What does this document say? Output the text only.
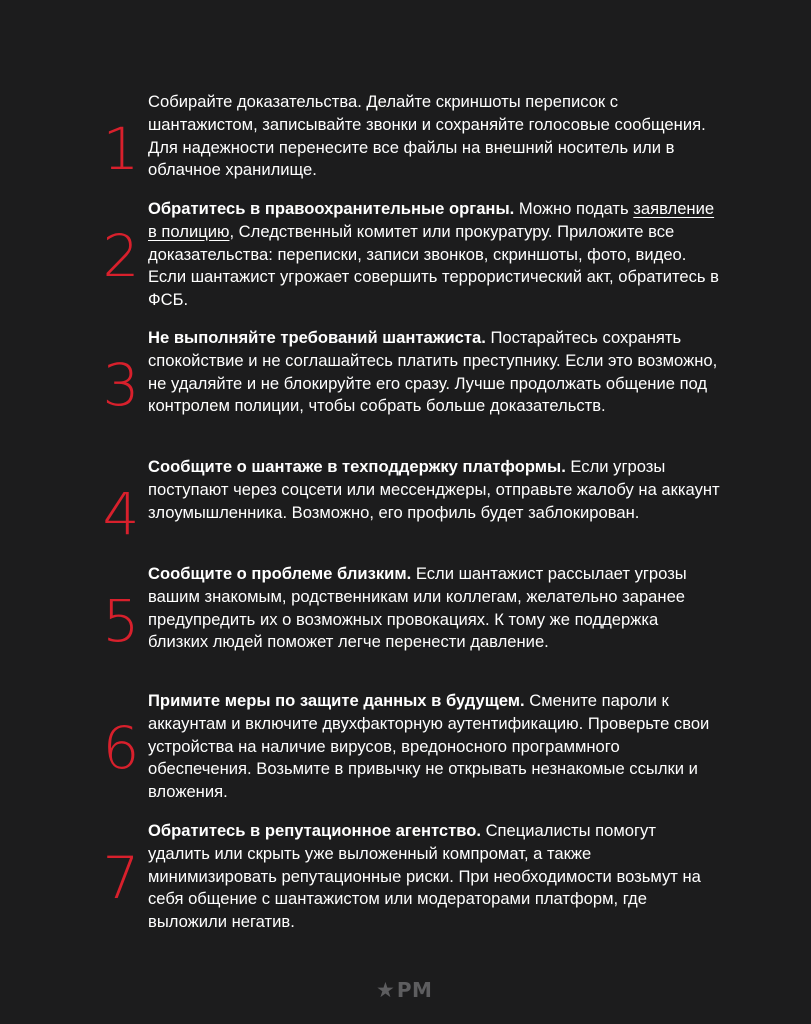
1
Собирайте доказательства. Делайте скриншоты переписок с шантажистом, записывайте звонки и сохраняйте голосовые сообщения. Для надежности перенесите все файлы на внешний носитель или в облачное хранилище.
2
Обратитесь в правоохранительные органы. Можно подать заявление в полицию, Следственный комитет или прокуратуру. Приложите все доказательства: переписки, записи звонков, скриншоты, фото, видео. Если шантажист угрожает совершить террористический акт, обратитесь в ФСБ.
3
Не выполняйте требований шантажиста. Постарайтесь сохранять спокойствие и не соглашайтесь платить преступнику. Если это возможно, не удаляйте и не блокируйте его сразу. Лучше продолжать общение под контролем полиции, чтобы собрать больше доказательств.
4
Сообщите о шантаже в техподдержку платформы. Если угрозы поступают через соцсети или мессенджеры, отправьте жалобу на аккаунт злоумышленника. Возможно, его профиль будет заблокирован.
5
Сообщите о проблеме близким. Если шантажист рассылает угрозы вашим знакомым, родственникам или коллегам, желательно заранее предупредить их о возможных провокациях. К тому же поддержка близких людей поможет легче перенести давление.
6
Примите меры по защите данных в будущем. Смените пароли к аккаунтам и включите двухфакторную аутентификацию. Проверьте свои устройства на наличие вирусов, вредоносного программного обеспечения. Возьмите в привычку не открывать незнакомые ссылки и вложения.
7
Обратитесь в репутационное агентство. Специалисты помогут удалить или скрыть уже выложенный компромат, а также минимизировать репутационные риски. При необходимости возьмут на себя общение с шантажистом или модераторами платформ, где выложили негатив.
★ PM
